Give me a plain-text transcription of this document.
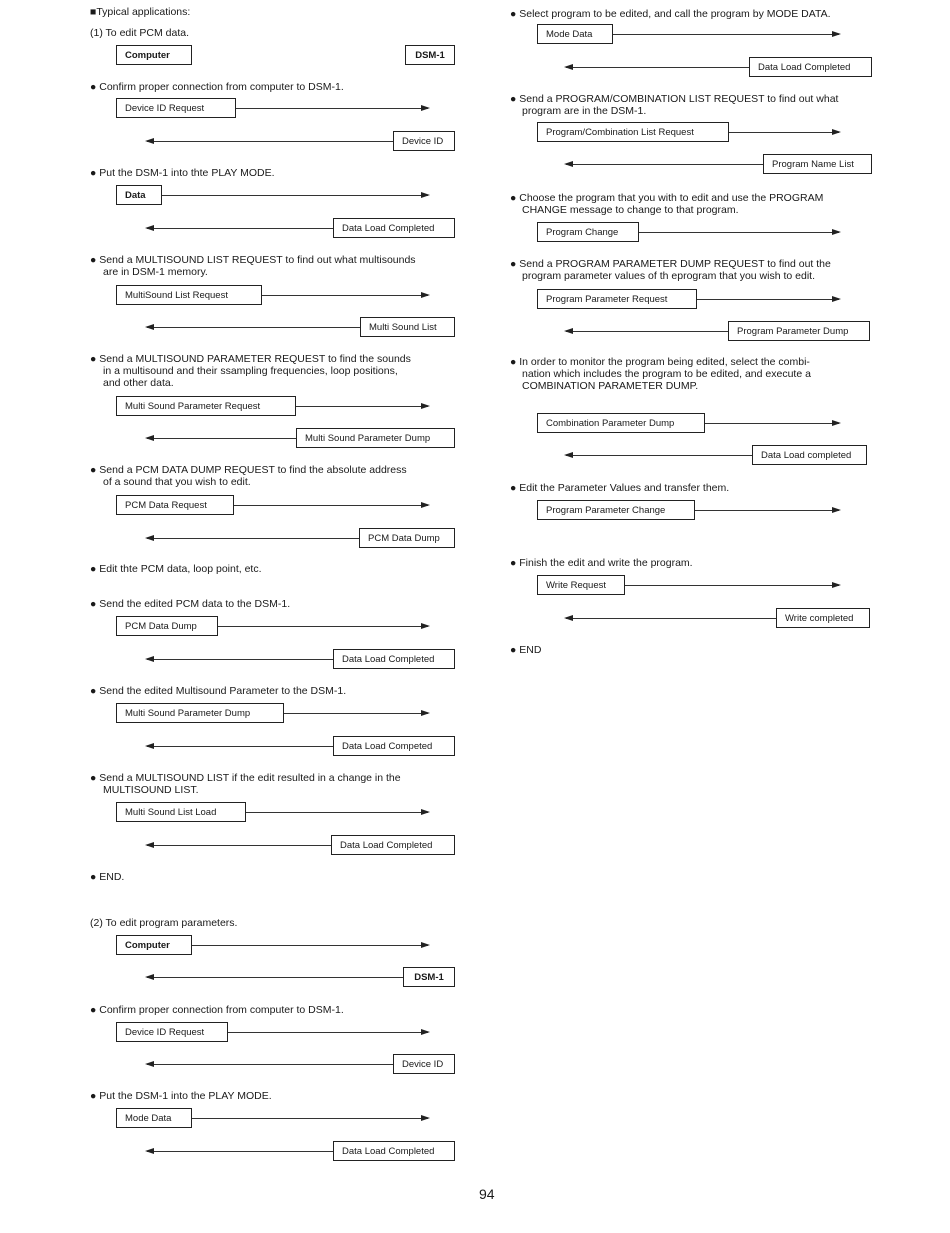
■Typical applications:
(1) To edit PCM data.
Computer	DSM-1
● Confirm proper connection from computer to DSM-1.
Device ID Request
Device ID
● Put the DSM-1 into thte PLAY MODE.
Data
Data Load Completed
● Send a MULTISOUND LIST REQUEST to find out what multisounds
are in DSM-1 memory.
MultiSound List Request
Multi Sound List
● Send a MULTISOUND PARAMETER REQUEST to find the sounds
in a multisound and their ssampling frequencies, loop positions,
and other data.
Multi Sound Parameter Request
Multi Sound Parameter Dump
● Send a PCM DATA DUMP REQUEST to find the absolute address
of a sound that you wish to edit.
PCM Data Request
PCM Data Dump
● Edit thte PCM data, loop point, etc.
● Send the edited PCM data to the DSM-1.
PCM Data Dump
Data Load Completed
● Send the edited Multisound Parameter to the DSM-1.
Multi Sound Parameter Dump
Data Load Competed
● Send a MULTISOUND LIST if the edit resulted in a change in the
MULTISOUND LIST.
Multi Sound List Load
Data Load Completed
● END.
(2) To edit program parameters.
Computer
DSM-1
● Confirm proper connection from computer to DSM-1.
Device ID Request
Device ID
● Put the DSM-1 into the PLAY MODE.
Mode Data
Data Load Completed
● Select program to be edited, and call the program by MODE DATA.
Mode Data
Data Load Completed
● Send a PROGRAM/COMBINATION LIST REQUEST to find out what
program are in the DSM-1.
Program/Combination List Request
Program Name List
● Choose the program that you with to edit and use the PROGRAM
CHANGE message to change to that program.
Program Change
● Send a PROGRAM PARAMETER DUMP REQUEST to find out the
program parameter values of th eprogram that you wish to edit.
Program Parameter Request
Program Parameter Dump
● In order to monitor the program being edited, select the combi-
nation which includes the program to be edited, and execute a
COMBINATION PARAMETER DUMP.
Combination Parameter Dump
Data Load completed
● Edit the Parameter Values and transfer them.
Program Parameter Change
● Finish the edit and write the program.
Write Request
Write completed
● END
94
